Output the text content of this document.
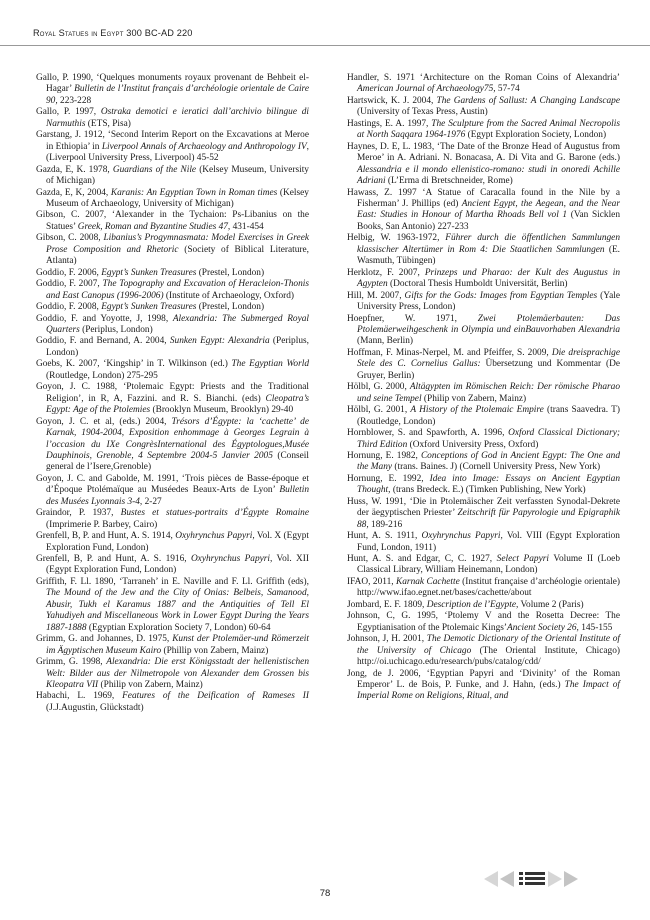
Royal Statues in Egypt 300 BC-AD 220

Gallo, P. 1990, ‘Quelques monuments royaux provenant de Behbeit el-Hagar’ Bulletin de l’Institut français d’archéologie orientale de Caire 90, 223-228

Gallo, P. 1997, Ostraka demotici e ieratici dall’archivio bilingue di Narmuthis (ETS, Pisa)

Garstang, J. 1912, ‘Second Interim Report on the Excavations at Meroe in Ethiopia’ in Liverpool Annals of Archaeology and Anthropology IV, (Liverpool University Press, Liverpool) 45-52

Gazda, E, K. 1978, Guardians of the Nile (Kelsey Museum, University of Michigan)

Gazda, E, K, 2004, Karanis: An Egyptian Town in Roman times (Kelsey Museum of Archaeology, University of Michigan)

Gibson, C. 2007, ‘Alexander in the Tychaion: Ps-Libanius on the Statues’ Greek, Roman and Byzantine Studies 47, 431-454

Gibson, C. 2008, Libanius’s Progymnasmata: Model Exercises in Greek Prose Composition and Rhetoric (Society of Biblical Literature, Atlanta)

Goddio, F. 2006, Egypt’s Sunken Treasures (Prestel, London)

Goddio, F. 2007, The Topography and Excavation of Heracleion-Thonis and East Canopus (1996-2006) (Institute of Archaeology, Oxford)

Goddio, F. 2008, Egypt’s Sunken Treasures (Prestel, London)

Goddio, F. and Yoyotte, J, 1998, Alexandria: The Submerged Royal Quarters (Periplus, London)

Goddio, F. and Bernand, A. 2004, Sunken Egypt: Alexandria (Periplus, London)

Goebs, K. 2007, ‘Kingship’ in T. Wilkinson (ed.) The Egyptian World (Routledge, London) 275-295

Goyon, J. C. 1988, ‘Ptolemaic Egypt: Priests and the Traditional Religion’, in R, A, Fazzini. and R. S. Bianchi. (eds) Cleopatra’s Egypt: Age of the Ptolemies (Brooklyn Museum, Brooklyn) 29-40

Goyon, J. C. et al, (eds.) 2004, Trésors d’Égypte: la ‘cachette’ de Karnak, 1904-2004, Exposition enhommage à Georges Legrain à l’occasion du IXe CongrèsInternational des Égyptologues,Musée Dauphinois, Grenoble, 4 Septembre 2004-5 Janvier 2005 (Conseil general de l’Isere,Grenoble)

Goyon, J. C. and Gabolde, M. 1991, ‘Trois pièces de Basse-époque et d’Époque Ptolémaïque au Muséedes Beaux-Arts de Lyon’ Bulletin des Musées Lyonnais 3-4, 2-27

Graindor, P. 1937, Bustes et statues-portraits d’Égypte Romaine (Imprimerie P. Barbey, Cairo)

Grenfell, B, P. and Hunt, A. S. 1914, Oxyhrynchus Papyri, Vol. X (Egypt Exploration Fund, London)

Grenfell, B, P. and Hunt, A. S. 1916, Oxyhrynchus Papyri, Vol. XII (Egypt Exploration Fund, London)

Griffith, F. Ll. 1890, ‘Tarraneh’ in E. Naville and F. Ll. Griffith (eds), The Mound of the Jew and the City of Onias: Belbeis, Samanood, Abusir, Tukh el Karamus 1887 and the Antiquities of Tell El Yahudiyeh and Miscellaneous Work in Lower Egypt During the Years 1887-1888 (Egyptian Exploration Society 7, London) 60-64

Grimm, G. and Johannes, D. 1975, Kunst der Ptolemäer-und Römerzeit im Ägyptischen Museum Kairo (Phillip von Zabern, Mainz)

Grimm, G. 1998, Alexandria: Die erst Königsstadt der hellenistischen Welt: Bilder aus der Nilmetropole von Alexander dem Grossen bis Kleopatra VII (Philip von Zabern, Mainz)

Habachi, L. 1969, Features of the Deification of Rameses II (J.J.Augustin, Glückstadt)

Handler, S. 1971 ‘Architecture on the Roman Coins of Alexandria’ American Journal of Archaeology75, 57-74

Hartswick, K. J. 2004, The Gardens of Sallust: A Changing Landscape (University of Texas Press, Austin)

Hastings, E. A. 1997, The Sculpture from the Sacred Animal Necropolis at North Saqqara 1964-1976 (Egypt Exploration Society, London)

Haynes, D. E, L. 1983, ‘The Date of the Bronze Head of Augustus from Meroe’ in A. Adriani. N. Bonacasa, A. Di Vita and G. Barone (eds.) Alessandria e il mondo ellenistico-romano: studi in onoredi Achille Adriani (L’Erma di Bretschneider, Rome)

Hawass, Z. 1997 ‘A Statue of Caracalla found in the Nile by a Fisherman’ J. Phillips (ed) Ancient Egypt, the Aegean, and the Near East: Studies in Honour of Martha Rhoads Bell vol 1 (Van Sicklen Books, San Antonio) 227-233

Helbig, W. 1963-1972, Führer durch die öffentlichen Sammlungen klassischer Altertümer in Rom 4: Die Staatlichen Sammlungen (E. Wasmuth, Tübingen)

Herklotz, F. 2007, Prinzeps und Pharao: der Kult des Augustus in Agypten (Doctoral Thesis Humboldt Universität, Berlin)

Hill, M. 2007, Gifts for the Gods: Images from Egyptian Temples (Yale University Press, London)

Hoepfner, W. 1971, Zwei Ptolemäerbauten: Das Ptolemäerweihgeschenk in Olympia und einBauvorhaben Alexandria (Mann, Berlin)

Hoffman, F. Minas-Nerpel, M. and Pfeiffer, S. 2009, Die dreisprachige Stele des C. Cornelius Gallus: Übersetzung und Kommentar (De Gruyer, Berlin)

Hölbl, G. 2000, Altägypten im Römischen Reich: Der römische Pharao und seine Tempel (Philip von Zabern, Mainz)

Hölbl, G. 2001, A History of the Ptolemaic Empire (trans Saavedra. T) (Routledge, London)

Hornblower, S. and Spawforth, A. 1996, Oxford Classical Dictionary; Third Edition (Oxford University Press, Oxford)

Hornung, E. 1982, Conceptions of God in Ancient Egypt: The One and the Many (trans. Baines. J) (Cornell University Press, New York)

Hornung, E. 1992, Idea into Image: Essays on Ancient Egyptian Thought, (trans Bredeck. E.) (Timken Publishing, New York)

Huss, W. 1991, ‘Die in Ptolemäischer Zeit verfassten Synodal-Dekrete der äegyptischen Priester’ Zeitschrift für Papyrologie und Epigraphik 88, 189-216

Hunt, A. S. 1911, Oxyhrynchus Papyri, Vol. VIII (Egypt Exploration Fund, London, 1911)

Hunt, A. S. and Edgar, C, C. 1927, Select Papyri Volume II (Loeb Classical Library, William Heinemann, London)

IFAO, 2011, Karnak Cachette (Institut française d’archéologie orientale) http://www.ifao.egnet.net/bases/cachette/about

Jombard, E. F. 1809, Description de l’Egypte, Volume 2 (Paris)

Johnson, C, G. 1995, ‘Ptolemy V and the Rosetta Decree: The Egyptianisation of the Ptolemaic Kings’Ancient Society 26, 145-155

Johnson, J, H. 2001, The Demotic Dictionary of the Oriental Institute of the University of Chicago (The Oriental Institute, Chicago) http://oi.uchicago.edu/research/pubs/catalog/cdd/

Jong, de J. 2006, ‘Egyptian Papyri and ‘Divinity’ of the Roman Emperor’ L. de Bois, P. Funke, and J. Hahn, (eds.) The Impact of Imperial Rome on Religions, Ritual, and

78
